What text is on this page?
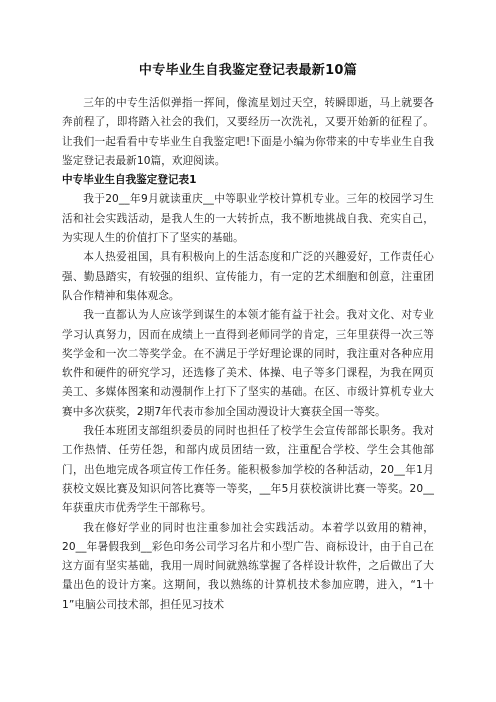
中专毕业生自我鉴定登记表最新10篇

三年的中专生活似弹指一挥间，像流星划过天空，转瞬即逝，马上就要各奔前程了，即将踏入社会的我们，又要经历一次洗礼，又要开始新的征程了。让我们一起看看中专毕业生自我鉴定吧!下面是小编为你带来的中专毕业生自我鉴定登记表最新10篇，欢迎阅读。

中专毕业生自我鉴定登记表1

我于20__年9月就读重庆__中等职业学校计算机专业。三年的校园学习生活和社会实践活动，是我人生的一大转折点，我不断地挑战自我、充实自己，为实现人生的价值打下了坚实的基础。

本人热爱祖国，具有积极向上的生活态度和广泛的兴趣爱好，工作责任心强、勤恳踏实，有较强的组织、宣传能力，有一定的艺术细胞和创意，注重团队合作精神和集体观念。

我一直都认为人应该学到谋生的本领才能有益于社会。我对文化、对专业学习认真努力，因而在成绩上一直得到老师同学的肯定，三年里获得一次三等奖学金和一次二等奖学金。在不满足于学好理论课的同时，我注重对各种应用软件和硬件的研究学习，还选修了美术、体操、电子等多门课程，为我在网页美工、多媒体图案和动漫制作上打下了坚实的基础。在区、市级计算机专业大赛中多次获奖，2期7年代表市参加全国动漫设计大赛获全国一等奖。

我任本班团支部组织委员的同时也担任了校学生会宣传部部长职务。我对工作热情、任劳任怨，和部内成员团结一致，注重配合学校、学生会其他部门，出色地完成各项宣传工作任务。能积极参加学校的各种活动，20__年1月获校文娱比赛及知识问答比赛等一等奖，__年5月获校演讲比赛一等奖。20__年获重庆市优秀学生干部称号。

我在修好学业的同时也注重参加社会实践活动。本着学以致用的精神，20__年暑假我到__彩色印务公司学习名片和小型广告、商标设计，由于自己在这方面有坚实基础，我用一周时间就熟练掌握了各样设计软件，之后做出了大量出色的设计方案。这期间，我以熟练的计算机技术参加应聘，进入，“1十1”电脑公司技术部，担任见习技术
